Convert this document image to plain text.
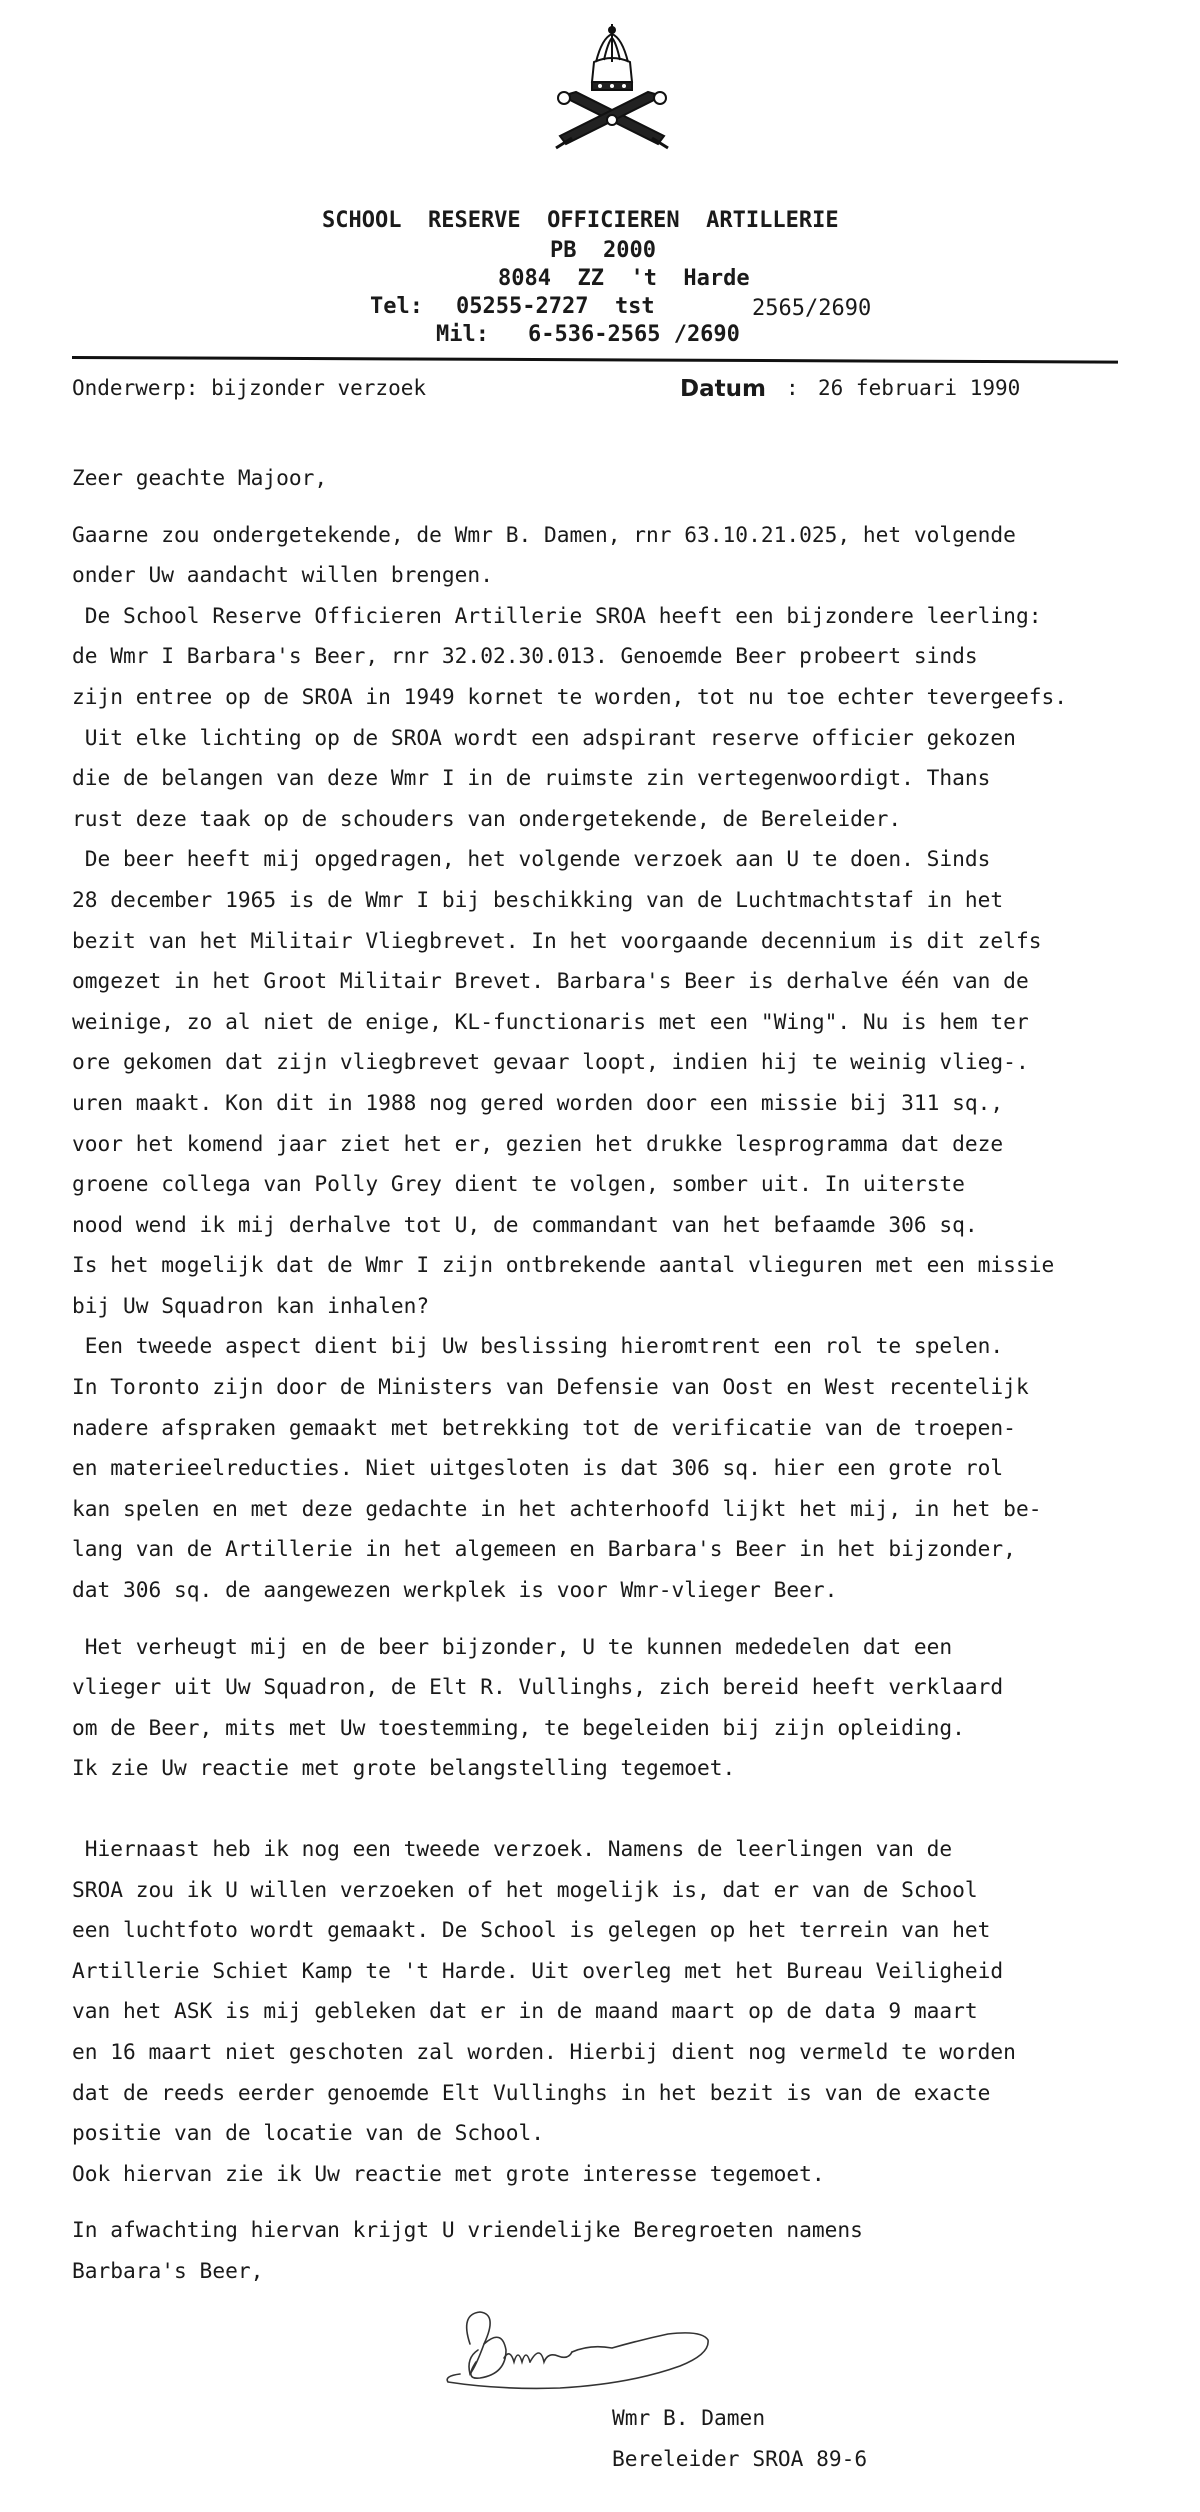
SCHOOL  RESERVE  OFFICIEREN  ARTILLERIE
PB  2000
8084  ZZ  't  Harde
Tel: 05255-2727  tst	2565/2690
Mil: 6-536-2565 /2690
Onderwerp: bijzonder verzoek	Datum : 26 februari 1990
Zeer geachte Majoor,
Gaarne zou ondergetekende, de Wmr B. Damen, rnr 63.10.21.025, het volgende
onder Uw aandacht willen brengen.
De School Reserve Officieren Artillerie SROA heeft een bijzondere leerling:
de Wmr I Barbara's Beer, rnr 32.02.30.013. Genoemde Beer probeert sinds
zijn entree op de SROA in 1949 kornet te worden, tot nu toe echter tevergeefs.
Uit elke lichting op de SROA wordt een adspirant reserve officier gekozen
die de belangen van deze Wmr I in de ruimste zin vertegenwoordigt. Thans
rust deze taak op de schouders van ondergetekende, de Bereleider.
De beer heeft mij opgedragen, het volgende verzoek aan U te doen. Sinds
28 december 1965 is de Wmr I bij beschikking van de Luchtmachtstaf in het
bezit van het Militair Vliegbrevet. In het voorgaande decennium is dit zelfs
omgezet in het Groot Militair Brevet. Barbara's Beer is derhalve één van de
weinige, zo al niet de enige, KL-functionaris met een "Wing". Nu is hem ter
ore gekomen dat zijn vliegbrevet gevaar loopt, indien hij te weinig vlieg-.
uren maakt. Kon dit in 1988 nog gered worden door een missie bij 311 sq.,
voor het komend jaar ziet het er, gezien het drukke lesprogramma dat deze
groene collega van Polly Grey dient te volgen, somber uit. In uiterste
nood wend ik mij derhalve tot U, de commandant van het befaamde 306 sq.
Is het mogelijk dat de Wmr I zijn ontbrekende aantal vlieguren met een missie
bij Uw Squadron kan inhalen?
Een tweede aspect dient bij Uw beslissing hieromtrent een rol te spelen.
In Toronto zijn door de Ministers van Defensie van Oost en West recentelijk
nadere afspraken gemaakt met betrekking tot de verificatie van de troepen-
en materieelreducties. Niet uitgesloten is dat 306 sq. hier een grote rol
kan spelen en met deze gedachte in het achterhoofd lijkt het mij, in het be-
lang van de Artillerie in het algemeen en Barbara's Beer in het bijzonder,
dat 306 sq. de aangewezen werkplek is voor Wmr-vlieger Beer.
Het verheugt mij en de beer bijzonder, U te kunnen mededelen dat een
vlieger uit Uw Squadron, de Elt R. Vullinghs, zich bereid heeft verklaard
om de Beer, mits met Uw toestemming, te begeleiden bij zijn opleiding.
Ik zie Uw reactie met grote belangstelling tegemoet.
Hiernaast heb ik nog een tweede verzoek. Namens de leerlingen van de
SROA zou ik U willen verzoeken of het mogelijk is, dat er van de School
een luchtfoto wordt gemaakt. De School is gelegen op het terrein van het
Artillerie Schiet Kamp te 't Harde. Uit overleg met het Bureau Veiligheid
van het ASK is mij gebleken dat er in de maand maart op de data 9 maart
en 16 maart niet geschoten zal worden. Hierbij dient nog vermeld te worden
dat de reeds eerder genoemde Elt Vullinghs in het bezit is van de exacte
positie van de locatie van de School.
Ook hiervan zie ik Uw reactie met grote interesse tegemoet.
In afwachting hiervan krijgt U vriendelijke Beregroeten namens
Barbara's Beer,
Wmr B. Damen
Bereleider SROA 89-6
